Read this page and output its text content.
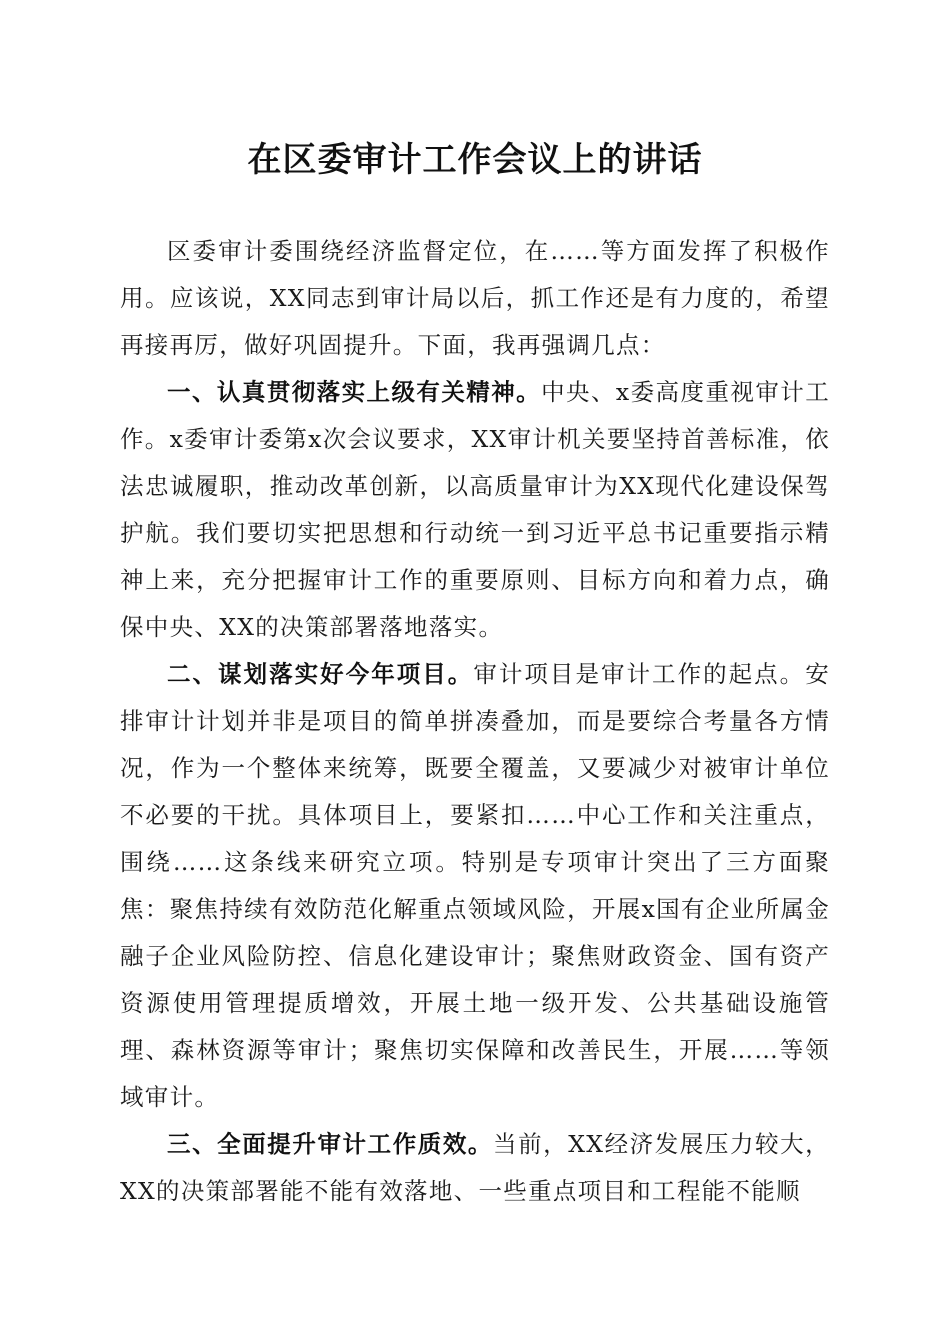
在区委审计工作会议上的讲话

区委审计委围绕经济监督定位，在……等方面发挥了积极作用。应该说，XX同志到审计局以后，抓工作还是有力度的，希望再接再厉，做好巩固提升。下面，我再强调几点：

一、认真贯彻落实上级有关精神。中央、x委高度重视审计工作。x委审计委第x次会议要求，XX审计机关要坚持首善标准，依法忠诚履职，推动改革创新，以高质量审计为XX现代化建设保驾护航。我们要切实把思想和行动统一到习近平总书记重要指示精神上来，充分把握审计工作的重要原则、目标方向和着力点，确保中央、XX的决策部署落地落实。

二、谋划落实好今年项目。审计项目是审计工作的起点。安排审计计划并非是项目的简单拼凑叠加，而是要综合考量各方情况，作为一个整体来统筹，既要全覆盖，又要减少对被审计单位不必要的干扰。具体项目上，要紧扣……中心工作和关注重点，围绕……这条线来研究立项。特别是专项审计突出了三方面聚焦：聚焦持续有效防范化解重点领域风险，开展x国有企业所属金融子企业风险防控、信息化建设审计；聚焦财政资金、国有资产资源使用管理提质增效，开展土地一级开发、公共基础设施管理、森林资源等审计；聚焦切实保障和改善民生，开展……等领域审计。

三、全面提升审计工作质效。当前，XX经济发展压力较大，XX的决策部署能不能有效落地、一些重点项目和工程能不能顺
